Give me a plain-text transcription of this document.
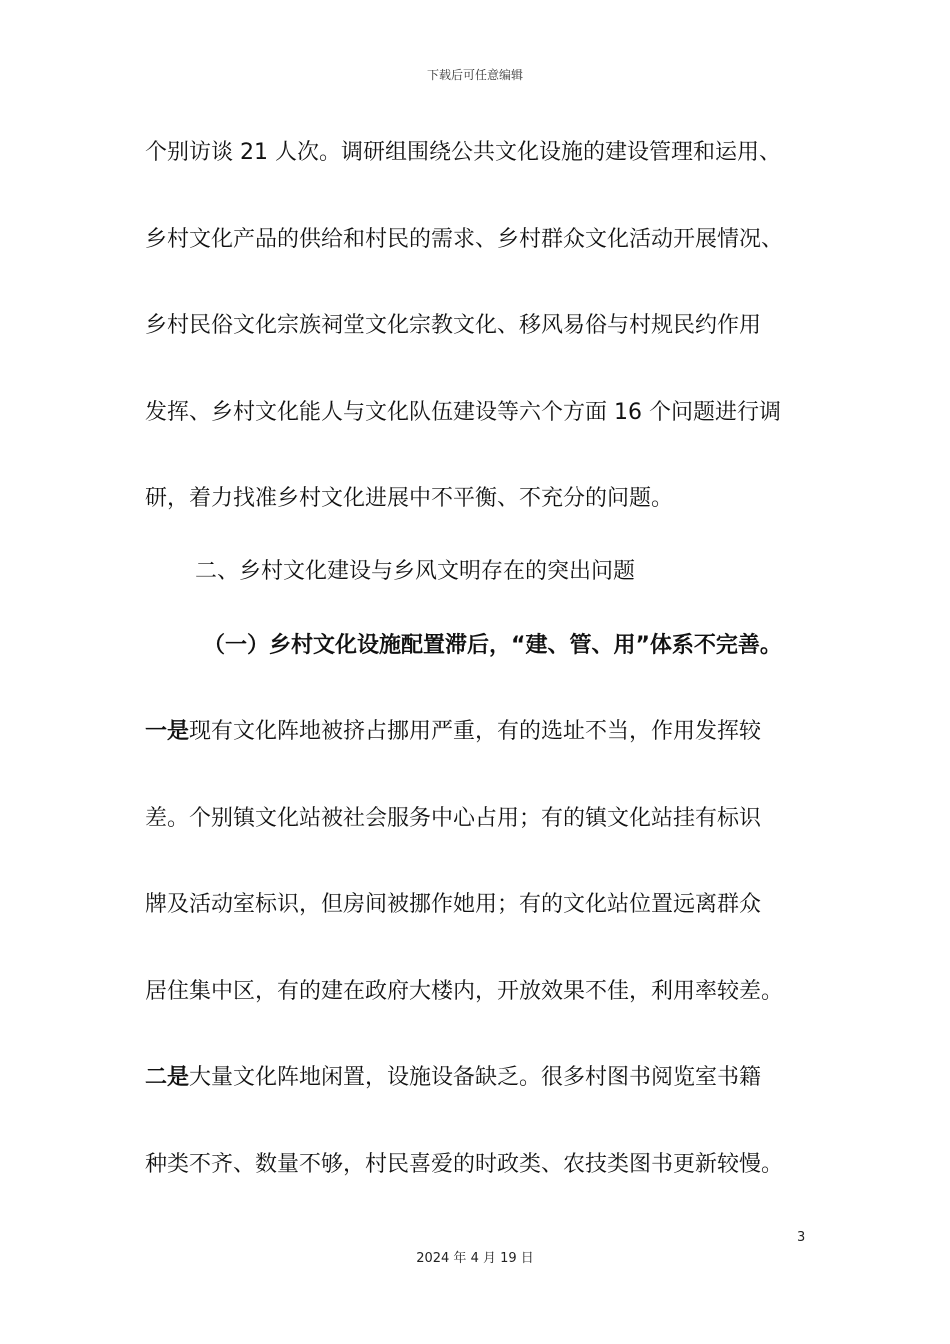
下载后可任意编辑
个别访谈 21 人次。调研组围绕公共文化设施的建设管理和运用、
乡村文化产品的供给和村民的需求、乡村群众文化活动开展情况、
乡村民俗文化宗族祠堂文化宗教文化、移风易俗与村规民约作用
发挥、乡村文化能人与文化队伍建设等六个方面 16 个问题进行调
研，着力找准乡村文化进展中不平衡、不充分的问题。
二、乡村文化建设与乡风文明存在的突出问题
（一）乡村文化设施配置滞后，“建、管、用”体系不完善。
一是现有文化阵地被挤占挪用严重，有的选址不当，作用发挥较
差。个别镇文化站被社会服务中心占用；有的镇文化站挂有标识
牌及活动室标识，但房间被挪作她用；有的文化站位置远离群众
居住集中区，有的建在政府大楼内，开放效果不佳，利用率较差。
二是大量文化阵地闲置，设施设备缺乏。很多村图书阅览室书籍
种类不齐、数量不够，村民喜爱的时政类、农技类图书更新较慢。
3
2024 年 4 月 19 日
